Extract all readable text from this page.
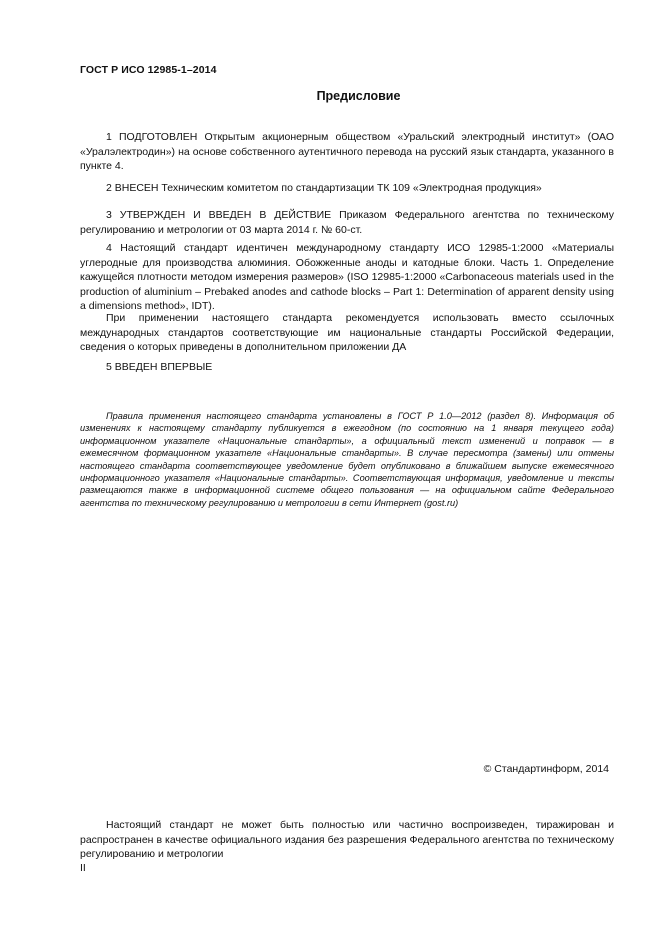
ГОСТ Р ИСО 12985-1–2014
Предисловие

1 ПОДГОТОВЛЕН Открытым акционерным обществом «Уральский электродный институт» (ОАО «Уралэлектродин») на основе собственного аутентичного перевода на русский язык стандарта, указанного в пункте 4.

2 ВНЕСЕН Техническим комитетом по стандартизации ТК 109 «Электродная продукция»

3 УТВЕРЖДЕН И ВВЕДЕН В ДЕЙСТВИЕ Приказом Федерального агентства по техническому регулированию и метрологии от 03 марта 2014 г. № 60-ст.

4 Настоящий стандарт идентичен международному стандарту ИСО 12985-1:2000 «Материалы углеродные для производства алюминия. Обожженные аноды и катодные блоки. Часть 1. Определение кажущейся плотности методом измерения размеров» (ISO 12985-1:2000 «Carbonaceous materials used in the production of aluminium – Prebaked anodes and cathode blocks – Part 1: Determination of apparent density using a dimensions method», IDT).

При применении настоящего стандарта рекомендуется использовать вместо ссылочных международных стандартов соответствующие им национальные стандарты Российской Федерации, сведения о которых приведены в дополнительном приложении ДА

5 ВВЕДЕН ВПЕРВЫЕ

Правила применения настоящего стандарта установлены в ГОСТ Р 1.0—2012 (раздел 8). Информация об изменениях к настоящему стандарту публикуется в ежегодном (по состоянию на 1 января текущего года) информационном указателе «Национальные стандарты», а официальный текст изменений и поправок — в ежемесячном формационном указателе «Национальные стандарты». В случае пересмотра (замены) или отмены настоящего стандарта соответствующее уведомление будет опубликовано в ближайшем выпуске ежемесячного информационного указателя «Национальные стандарты». Соответствующая информация, уведомление и тексты размещаются также в информационной системе общего пользования — на официальном сайте Федерального агентства по техническому регулированию и метрологии в сети Интернет (gost.ru)

© Стандартинформ, 2014

Настоящий стандарт не может быть полностью или частично воспроизведен, тиражирован и распространен в качестве официального издания без разрешения Федерального агентства по техническому регулированию и метрологии

II
